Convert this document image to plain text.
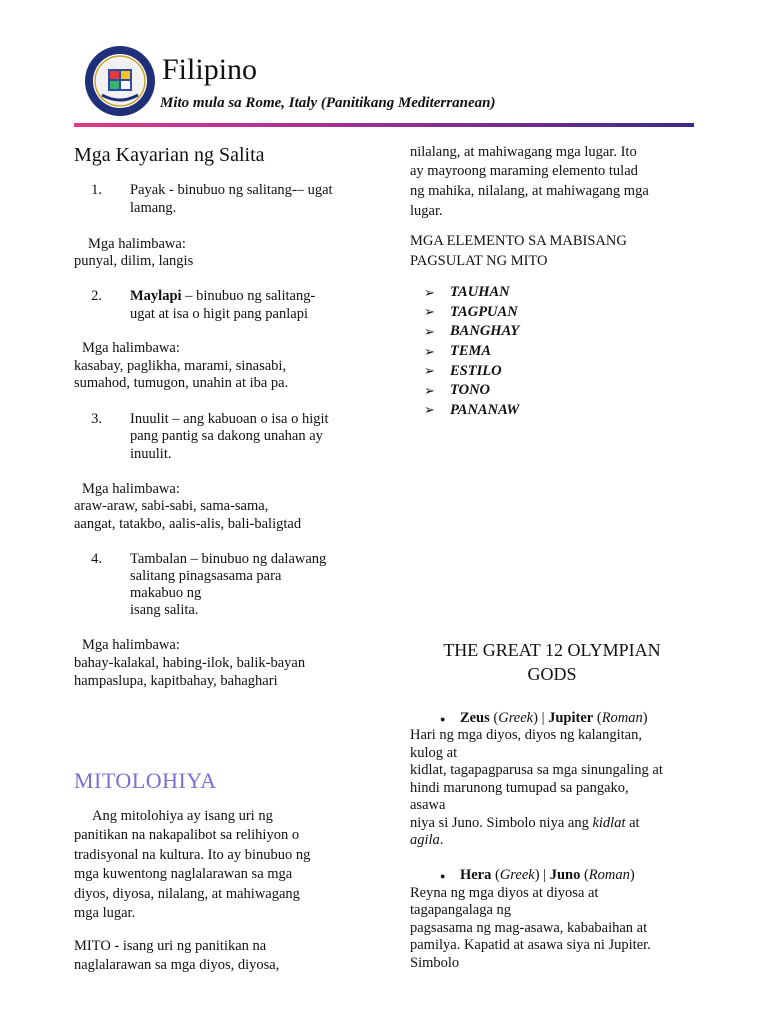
Filipino
Mito mula sa Rome, Italy (Panitikang Mediterranean)
Mga Kayarian ng Salita
1. Payak - binubuo ng salitang-– ugat
lamang.
Mga halimbawa:
punyal, dilim, langis
2. Maylapi – binubuo ng salitang-
ugat at isa o higit pang panlapi
Mga halimbawa:
kasabay, paglikha, marami, sinasabi,
sumahod, tumugon, unahin at iba pa.
3. Inuulit – ang kabuoan o isa o higit
pang pantig sa dakong unahan ay
inuulit.
Mga halimbawa:
araw-araw, sabi-sabi, sama-sama,
aangat, tatakbo, aalis-alis, bali-baligtad
4. Tambalan – binubuo ng dalawang
salitang pinagsasama para
makabuo ng
isang salita.
Mga halimbawa:
bahay-kalakal, habing-ilok, balik-bayan
hampaslupa, kapitbahay, bahaghari
MITOLOHIYA
Ang mitolohiya ay isang uri ng
panitikan na nakapalibot sa relihiyon o
tradisyonal na kultura. Ito ay binubuo ng
mga kuwentong naglalarawan sa mga
diyos, diyosa, nilalang, at mahiwagang
mga lugar.
MITO - isang uri ng panitikan na
naglalarawan sa mga diyos, diyosa,
nilalang, at mahiwagang mga lugar. Ito
ay mayroong maraming elemento tulad
ng mahika, nilalang, at mahiwagang mga
lugar.
MGA ELEMENTO SA MABISANG
PAGSULAT NG MITO
➢	TAUHAN
➢	TAGPUAN
➢	BANGHAY
➢	TEMA
➢	ESTILO
➢	TONO
➢	PANANAW
THE GREAT 12 OLYMPIAN
GODS
● Zeus (Greek) | Jupiter (Roman)
Hari ng mga diyos, diyos ng kalangitan,
kulog at
kidlat, tagapagparusa sa mga sinungaling at
hindi marunong tumupad sa pangako,
asawa
niya si Juno. Simbolo niya ang kidlat at
agila.
● Hera (Greek) | Juno (Roman)
Reyna ng mga diyos at diyosa at
tagapangalaga ng
pagsasama ng mag-asawa, kababaihan at
pamilya. Kapatid at asawa siya ni Jupiter.
Simbolo
